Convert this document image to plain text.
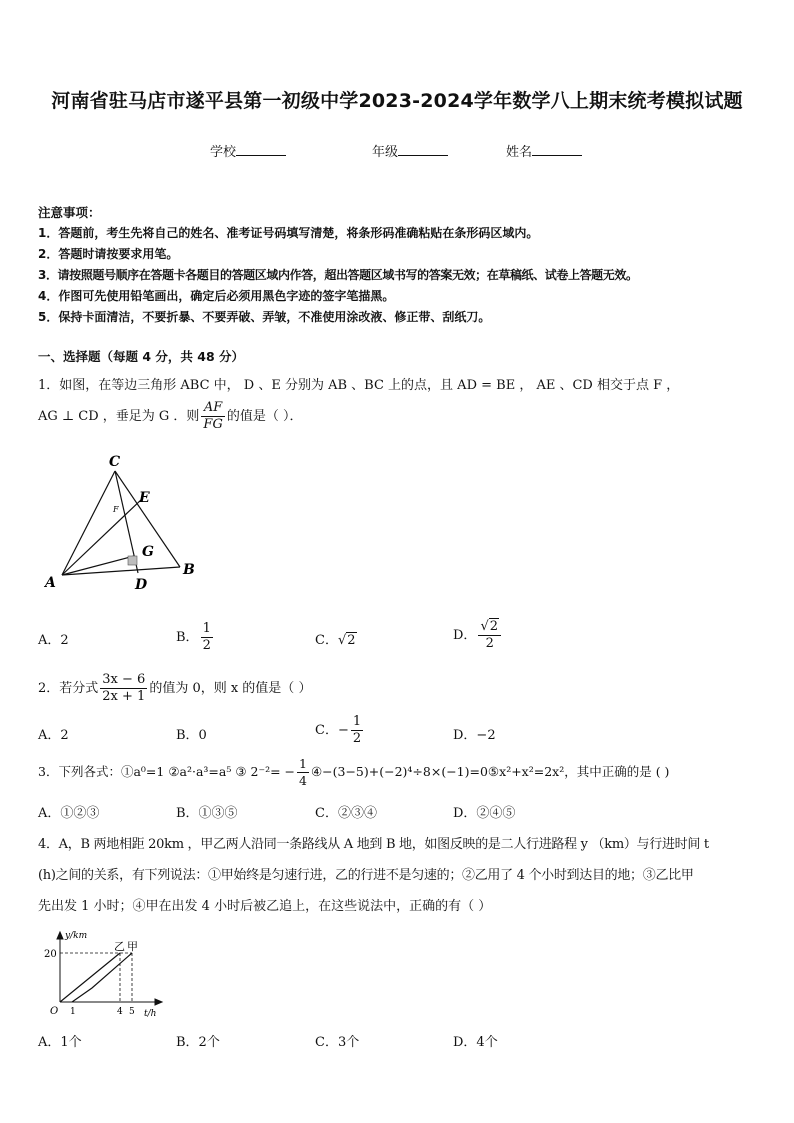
河南省驻马店市遂平县第一初级中学2023-2024学年数学八上期末统考模拟试题
学校	年级	姓名
注意事项：
1．答题前，考生先将自己的姓名、准考证号码填写清楚，将条形码准确粘贴在条形码区域内。
2．答题时请按要求用笔。
3．请按照题号顺序在答题卡各题目的答题区域内作答，超出答题区域书写的答案无效；在草稿纸、试卷上答题无效。
4．作图可先使用铅笔画出，确定后必须用黑色字迹的签字笔描黑。
5．保持卡面清洁，不要折暴、不要弄破、弄皱，不准使用涂改液、修正带、刮纸刀。
一、选择题（每题 4 分，共 48 分）
1．如图，在等边三角形 ABC 中， D 、E 分别为 AB 、BC 上的点，且 AD = BE ， AE 、CD 相交于点 F ，
AG ⊥ CD ，垂足为 G ．则 $\frac{AF}{FG}$ 的值是（ ）．
C
E
F
G
A	D
B
A．2	B． $\frac{1}{2}$	C．√2	D． $\frac{√2}{2}$
2．若分式 $\frac{3x - 6}{2x + 1}$ 的值为 0，则 x 的值是（ ）
A．2	B．0	C．− $\frac{1}{2}$	D．−2
3．下列各式：①a⁰=1 ②a²·a³=a⁵ ③ $2^{-2}= - \frac{1}{4}$ ④−(3−5)+(−2)⁴÷8×(−1)=0⑤x²+x²=2x²，其中正确的是 ( )
A．①②③	B．①③⑤	C．②③④	D．②④⑤
4．A，B 两地相距 20km ，甲乙两人沿同一条路线从 A 地到 B 地，如图反映的是二人行进路程 y （km）与行进时间 t
(h)之间的关系，有下列说法：①甲始终是匀速行进，乙的行进不是匀速的；②乙用了 4 个小时到达目的地；③乙比甲
先出发 1 小时；④甲在出发 4 小时后被乙追上，在这些说法中，正确的有（ ）
y/km
t/h
20
O 1	4 5
乙 甲
A．1个	B．2个	C．3个	D．4个
